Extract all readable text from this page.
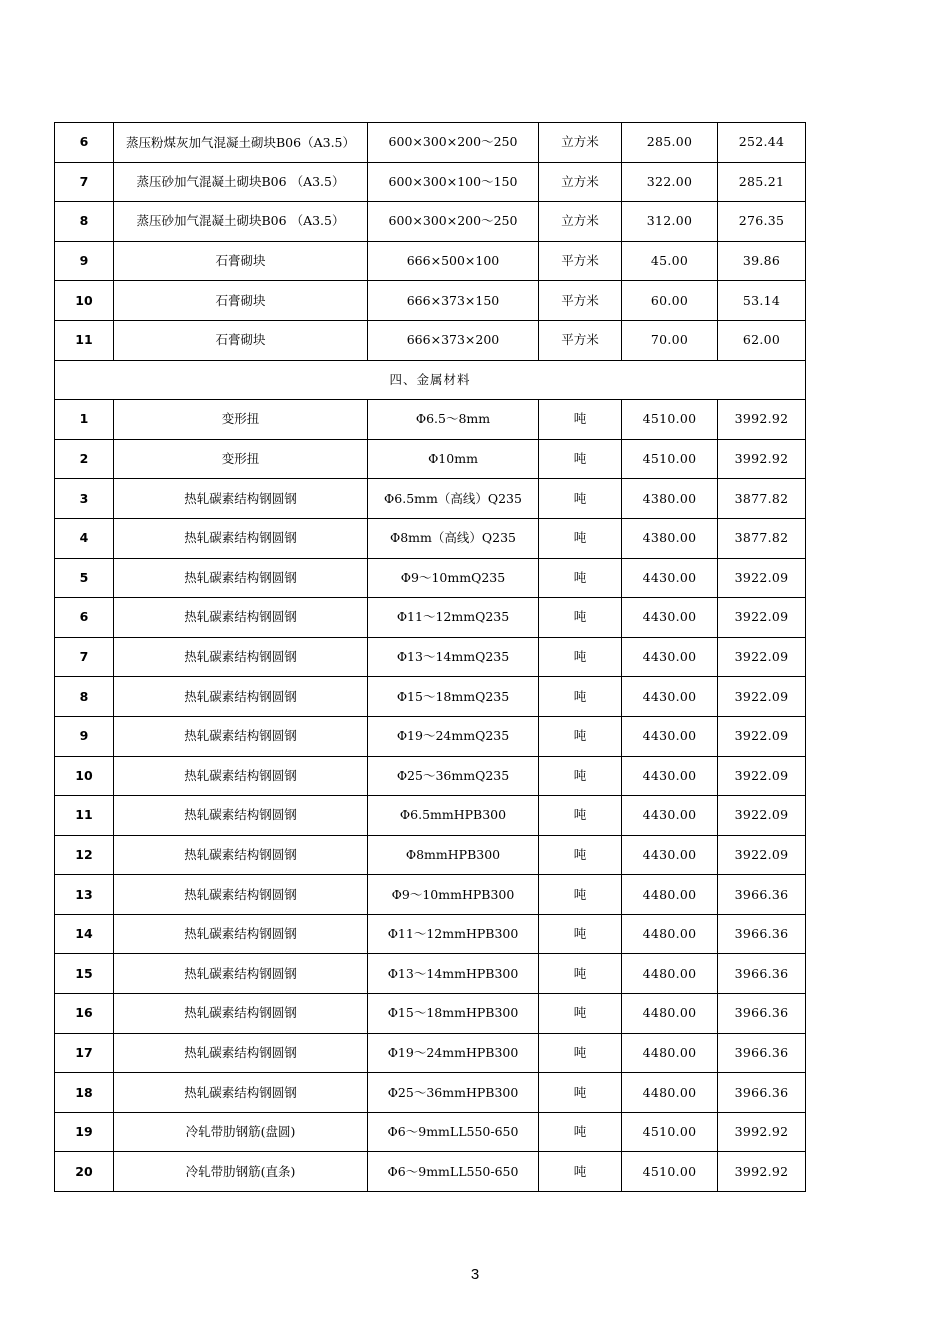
6	蒸压粉煤灰加气混凝土砌块B06（A3.5）	600×300×200～250	立方米	285.00	252.44
7	蒸压砂加气混凝土砌块B06 （A3.5）	600×300×100～150	立方米	322.00	285.21
8	蒸压砂加气混凝土砌块B06 （A3.5）	600×300×200～250	立方米	312.00	276.35
9	石膏砌块	666×500×100	平方米	45.00	39.86
10	石膏砌块	666×373×150	平方米	60.00	53.14
11	石膏砌块	666×373×200	平方米	70.00	62.00
四、金属材料					
1	变形扭	Φ6.5～8mm	吨	4510.00	3992.92
2	变形扭	Φ10mm	吨	4510.00	3992.92
3	热轧碳素结构钢圆钢	Φ6.5mm（高线）Q235	吨	4380.00	3877.82
4	热轧碳素结构钢圆钢	Φ8mm（高线）Q235	吨	4380.00	3877.82
5	热轧碳素结构钢圆钢	Φ9～10mmQ235	吨	4430.00	3922.09
6	热轧碳素结构钢圆钢	Φ11～12mmQ235	吨	4430.00	3922.09
7	热轧碳素结构钢圆钢	Φ13～14mmQ235	吨	4430.00	3922.09
8	热轧碳素结构钢圆钢	Φ15～18mmQ235	吨	4430.00	3922.09
9	热轧碳素结构钢圆钢	Φ19～24mmQ235	吨	4430.00	3922.09
10	热轧碳素结构钢圆钢	Φ25～36mmQ235	吨	4430.00	3922.09
11	热轧碳素结构钢圆钢	Φ6.5mmHPB300	吨	4430.00	3922.09
12	热轧碳素结构钢圆钢	Φ8mmHPB300	吨	4430.00	3922.09
13	热轧碳素结构钢圆钢	Φ9～10mmHPB300	吨	4480.00	3966.36
14	热轧碳素结构钢圆钢	Φ11～12mmHPB300	吨	4480.00	3966.36
15	热轧碳素结构钢圆钢	Φ13～14mmHPB300	吨	4480.00	3966.36
16	热轧碳素结构钢圆钢	Φ15～18mmHPB300	吨	4480.00	3966.36
17	热轧碳素结构钢圆钢	Φ19～24mmHPB300	吨	4480.00	3966.36
18	热轧碳素结构钢圆钢	Φ25～36mmHPB300	吨	4480.00	3966.36
19	冷轧带肋钢筋(盘圆)	Φ6～9mmLL550-650	吨	4510.00	3992.92
20	冷轧带肋钢筋(直条)	Φ6～9mmLL550-650	吨	4510.00	3992.92
3
